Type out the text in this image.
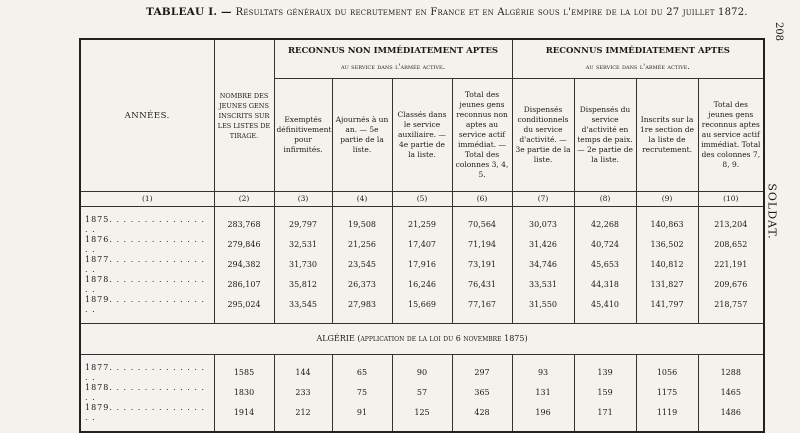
TABLEAU I. — Résultats généraux du recrutement en France et en Algérie sous l'empire de la loi du 27 juillet 1872.
208
SOLDAT.
ANNÉES.	NOMBRE DES JEUNES GENS INSCRITS SUR LES LISTES DE TIRAGE.	RECONNUS NON IMMÉDIATEMENT APTES
au service dans l'armée active.				RECONNUS IMMÉDIATEMENT APTES
au service dans l'armée active.			

		Exemptés définitivement pour infirmités.	Ajournés à un an. — 5e partie de la liste.	Classés dans le service auxiliaire. — 4e partie de la liste.	Total des jeunes gens reconnus non aptes au service actif immédiat. — Total des colonnes 3, 4, 5.	Dispensés conditionnels du service d'activité. — 3e partie de la liste.	Dispensés du service d'activité en temps de paix. — 2e partie de la liste.	Inscrits sur la 1re section de la liste de recrutement.	Total des jeunes gens reconnus aptes au service actif immédiat. Total des colonnes 7, 8, 9.
(1)	(2)	(3)	(4)	(5)	(6)	(7)	(8)	(9)	(10)

1875. . . . . . . . . . . . . . . .	283,768	29,797	19,508	21,259	70,564	30,073	42,268	140,863	213,204
1876. . . . . . . . . . . . . . . .	279,846	32,531	21,256	17,407	71,194	31,426	40,724	136,502	208,652
1877. . . . . . . . . . . . . . . .	294,382	31,730	23,545	17,916	73,191	34,746	45,653	140,812	221,191
1878. . . . . . . . . . . . . . . .	286,107	35,812	26,373	16,246	76,431	33,531	44,318	131,827	209,676
1879. . . . . . . . . . . . . . . .	295,024	33,545	27,983	15,669	77,167	31,550	45,410	141,797	218,757

ALGÉRIE (application de la loi du 6 novembre 1875)									

1877. . . . . . . . . . . . . . . .	1585	144	65	90	297	93	139	1056	1288
1878. . . . . . . . . . . . . . . .	1830	233	75	57	365	131	159	1175	1465
1879. . . . . . . . . . . . . . . .	1914	212	91	125	428	196	171	1119	1486
